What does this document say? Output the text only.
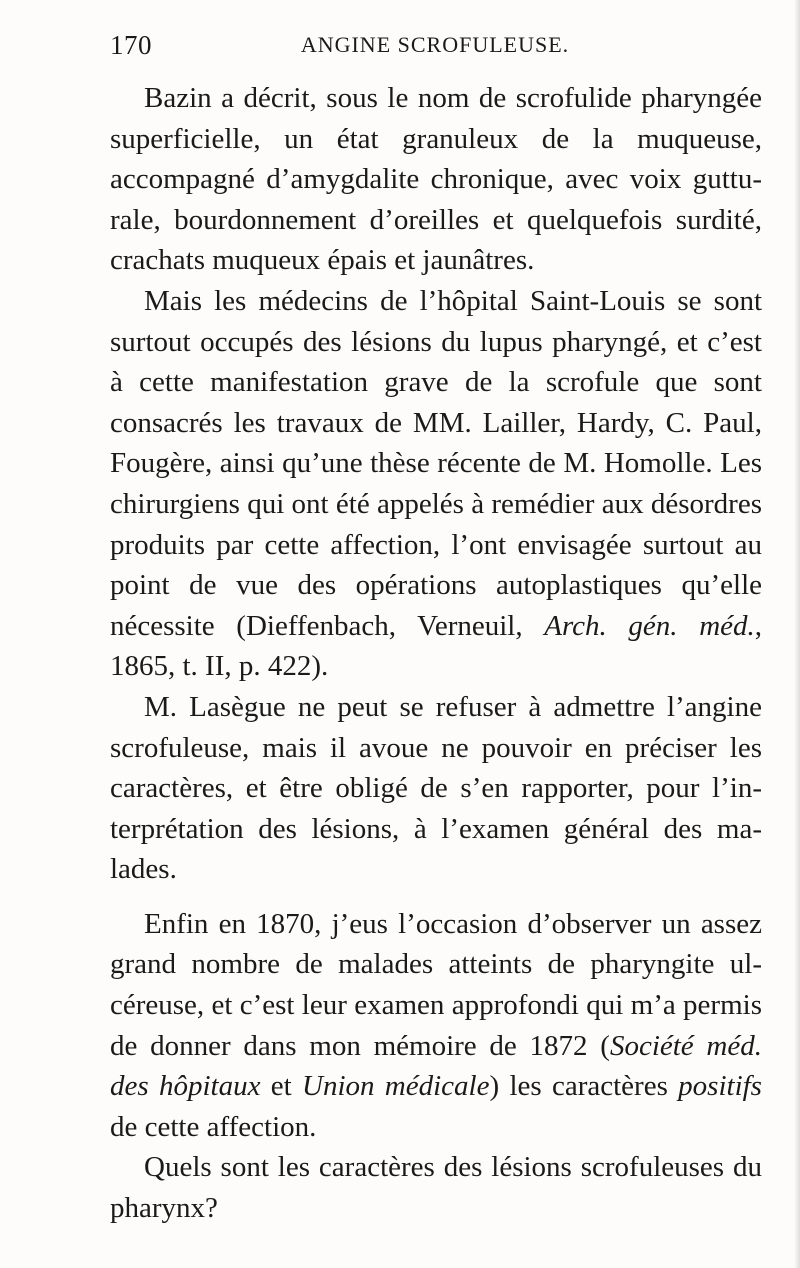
170	ANGINE SCROFULEUSE.

Bazin a décrit, sous le nom de scrofulide pharyngée superficielle, un état granuleux de la muqueuse, accompagné d’amygdalite chronique, avec voix gutturale, bourdonnement d’oreilles et quelquefois surdité, crachats muqueux épais et jaunâtres.

Mais les médecins de l’hôpital Saint-Louis se sont surtout occupés des lésions du lupus pharyngé, et c’est à cette manifestation grave de la scrofule que sont consacrés les travaux de MM. Lailler, Hardy, C. Paul, Fougère, ainsi qu’une thèse récente de M. Homolle. Les chirurgiens qui ont été appelés à remédier aux désordres produits par cette affection, l’ont envisagée surtout au point de vue des opérations autoplastiques qu’elle nécessite (Dieffenbach, Verneuil, Arch. gén. méd., 1865, t. II, p. 422).

M. Lasègue ne peut se refuser à admettre l’angine scrofuleuse, mais il avoue ne pouvoir en préciser les caractères, et être obligé de s’en rapporter, pour l’interprétation des lésions, à l’examen général des malades.

Enfin en 1870, j’eus l’occasion d’observer un assez grand nombre de malades atteints de pharyngite ulcéreuse, et c’est leur examen approfondi qui m’a permis de donner dans mon mémoire de 1872 (Société méd. des hôpitaux et Union médicale) les caractères positifs de cette affection.

Quels sont les caractères des lésions scrofuleuses du pharynx?
